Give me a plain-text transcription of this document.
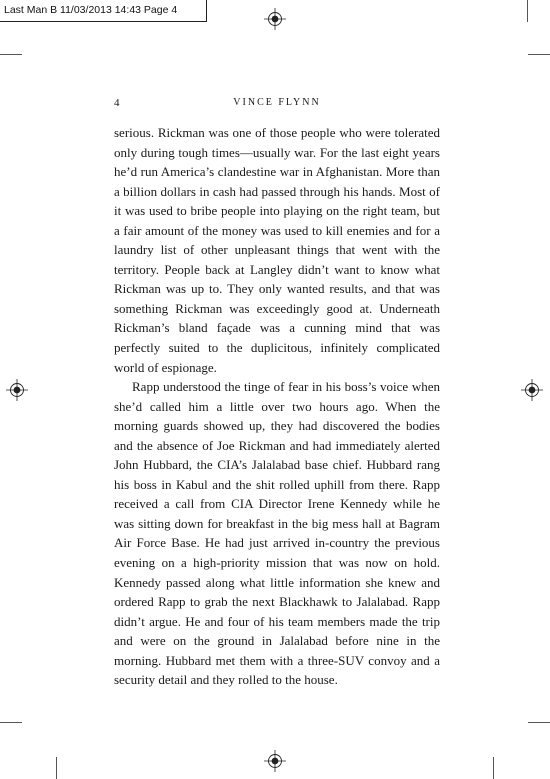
Last Man B 11/03/2013 14:43 Page 4
4	VINCE FLYNN

serious. Rickman was one of those people who were tolerated only during tough times—usually war. For the last eight years he’d run America’s clandestine war in Afghanistan. More than a billion dollars in cash had passed through his hands. Most of it was used to bribe people into playing on the right team, but a fair amount of the money was used to kill enemies and for a laundry list of other unpleasant things that went with the territory. People back at Langley didn’t want to know what Rickman was up to. They only wanted results, and that was something Rickman was exceedingly good at. Underneath Rickman’s bland façade was a cunning mind that was perfectly suited to the duplicitous, infinitely complicated world of espionage.

Rapp understood the tinge of fear in his boss’s voice when she’d called him a little over two hours ago. When the morning guards showed up, they had discovered the bodies and the absence of Joe Rickman and had immediately alerted John Hubbard, the CIA’s Jalalabad base chief. Hubbard rang his boss in Kabul and the shit rolled uphill from there. Rapp received a call from CIA Director Irene Kennedy while he was sitting down for breakfast in the big mess hall at Bagram Air Force Base. He had just arrived in-country the previous evening on a high-priority mission that was now on hold. Kennedy passed along what little information she knew and ordered Rapp to grab the next Blackhawk to Jalalabad. Rapp didn’t argue. He and four of his team members made the trip and were on the ground in Jalalabad before nine in the morning. Hubbard met them with a three-SUV convoy and a security detail and they rolled to the house.
